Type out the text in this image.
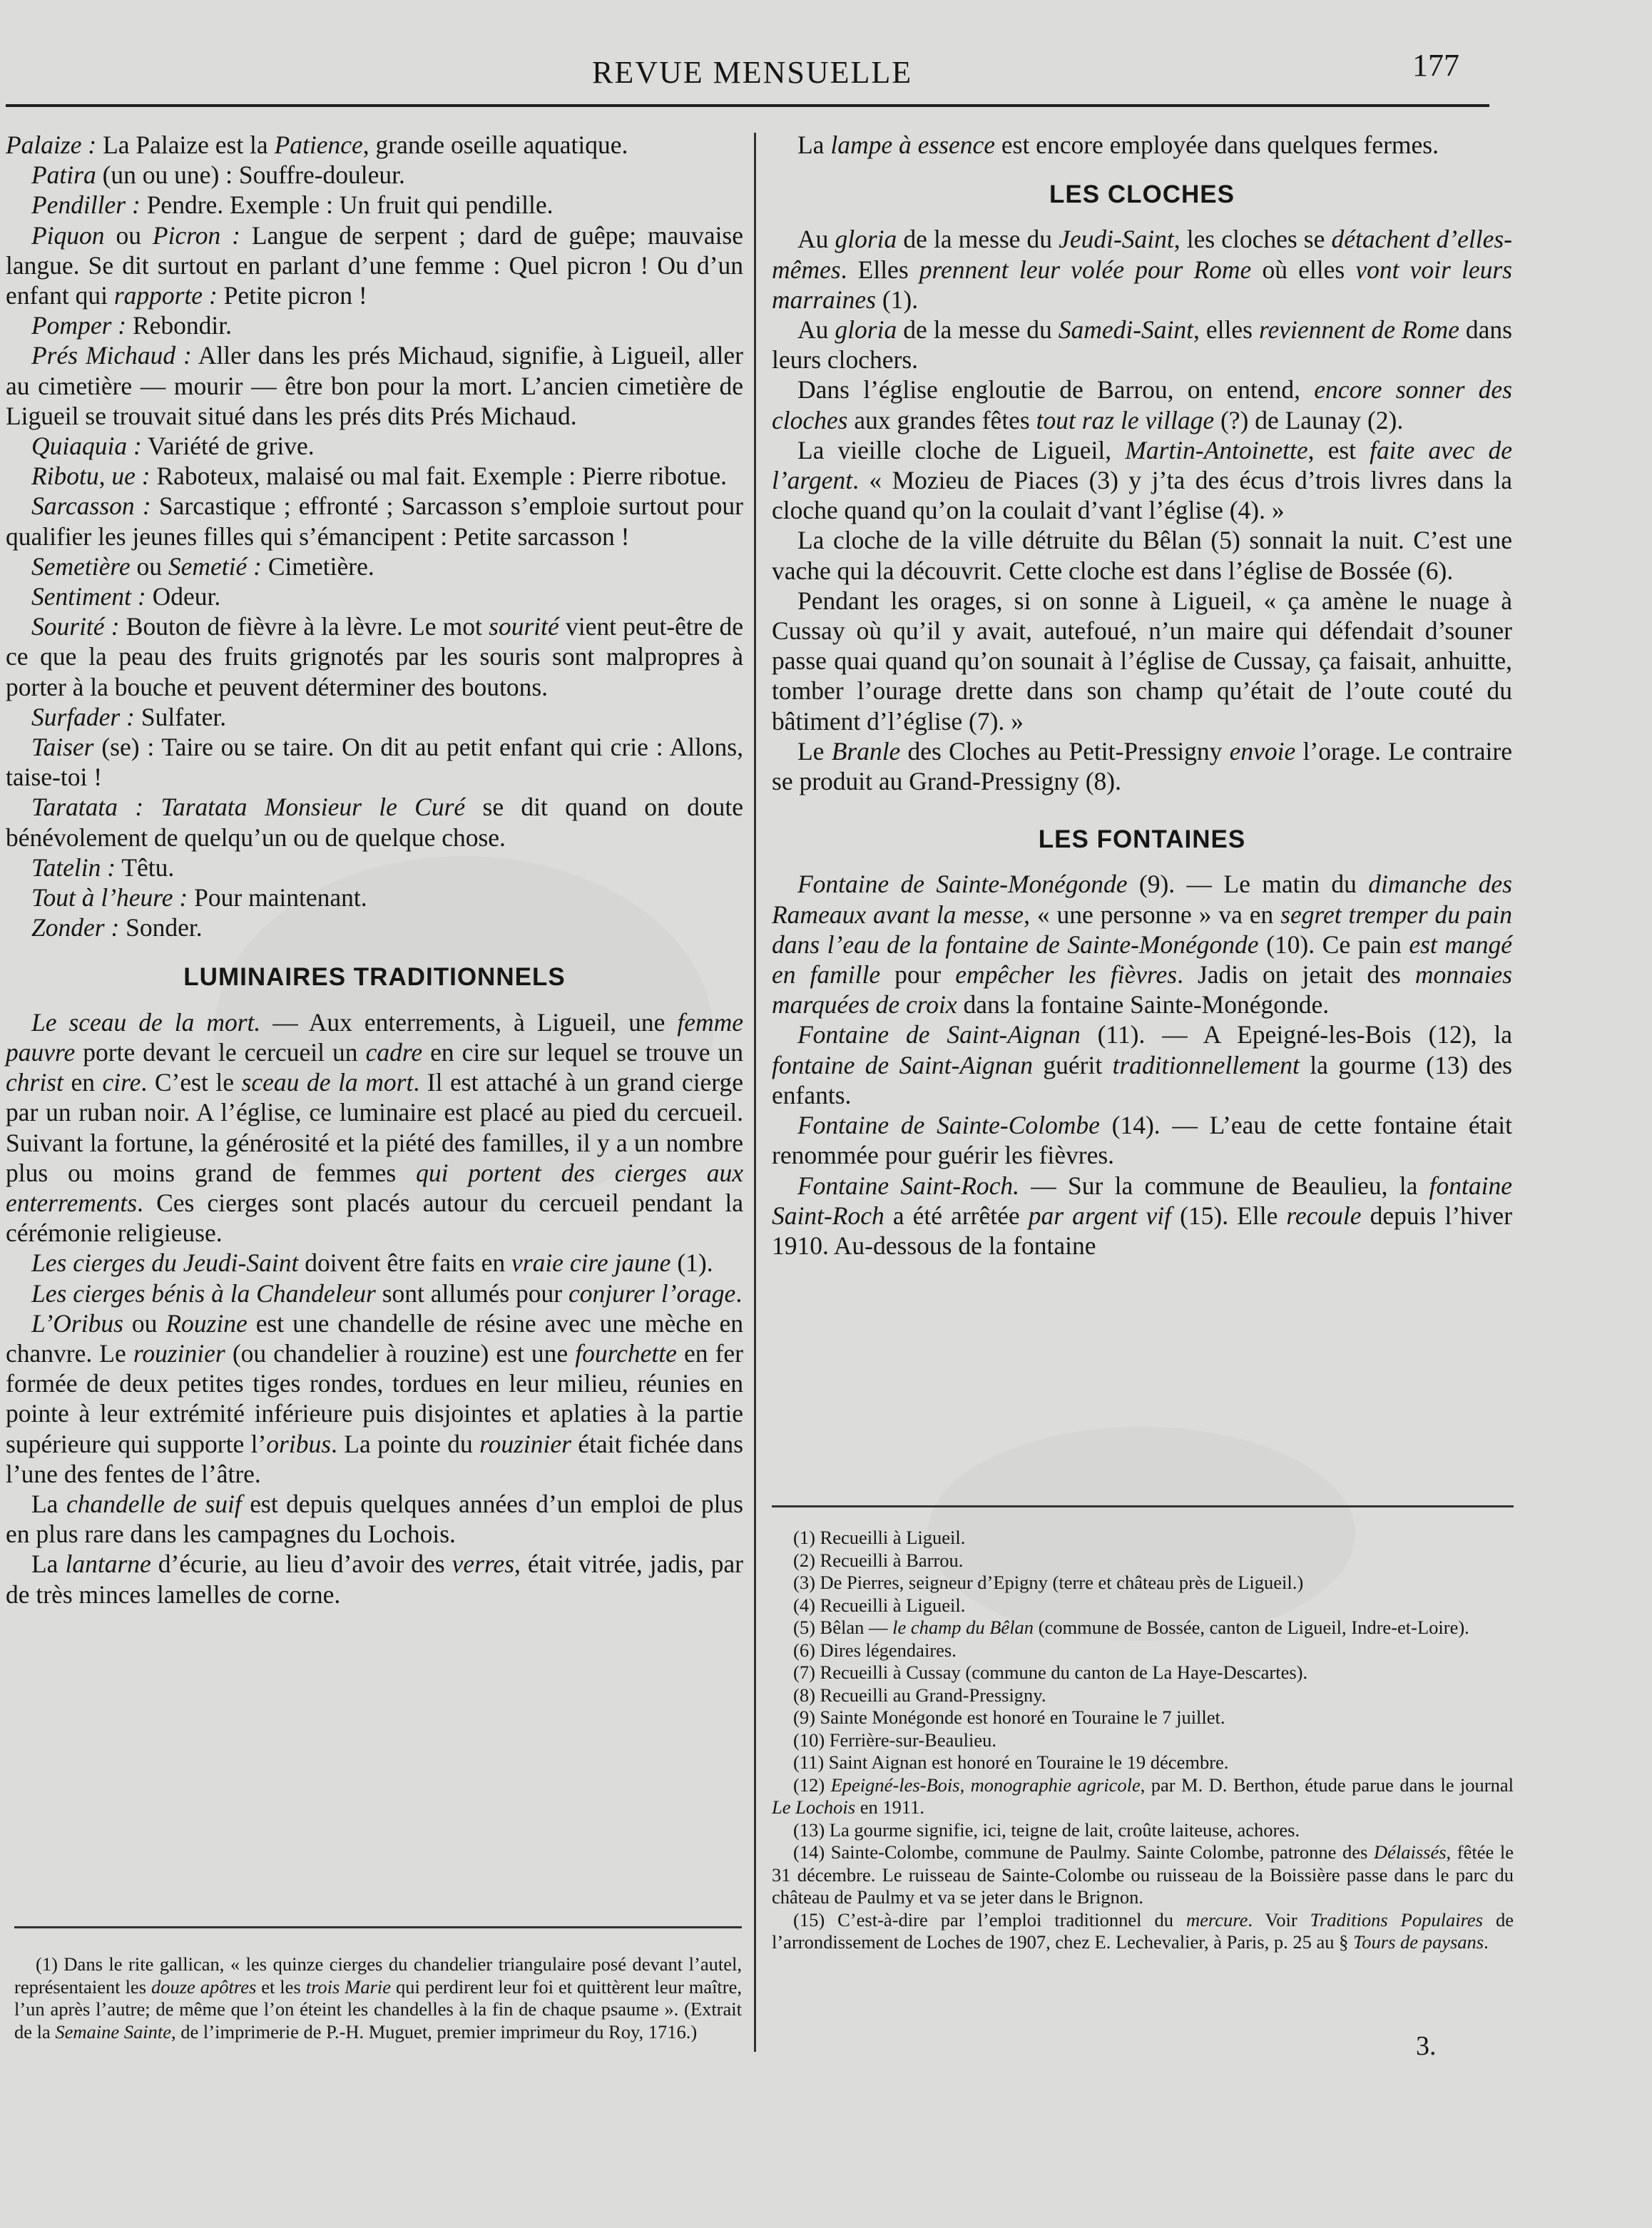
REVUE MENSUELLE	177

Palaize : La Palaize est la Patience, grande oseille aquatique.

Patira (un ou une) : Souffre-douleur.

Pendiller : Pendre. Exemple : Un fruit qui pendille.

Piquon ou Picron : Langue de serpent ; dard de guêpe; mauvaise langue. Se dit surtout en parlant d’une femme : Quel picron ! Ou d’un enfant qui rapporte : Petite picron !

Pomper : Rebondir.

Prés Michaud : Aller dans les prés Michaud, signifie, à Ligueil, aller au cimetière — mourir — être bon pour la mort. L’ancien cimetière de Ligueil se trouvait situé dans les prés dits Prés Michaud.

Quiaquia : Variété de grive.

Ribotu, ue : Raboteux, malaisé ou mal fait. Exemple : Pierre ribotue.

Sarcasson : Sarcastique ; effronté ; Sarcasson s’emploie surtout pour qualifier les jeunes filles qui s’émancipent : Petite sarcasson !

Semetière ou Semetié : Cimetière.

Sentiment : Odeur.

Sourité : Bouton de fièvre à la lèvre. Le mot sourité vient peut-être de ce que la peau des fruits grignotés par les souris sont malpropres à porter à la bouche et peuvent déterminer des boutons.

Surfader : Sulfater.

Taiser (se) : Taire ou se taire. On dit au petit enfant qui crie : Allons, taise-toi !

Taratata : Taratata Monsieur le Curé se dit quand on doute bénévolement de quelqu’un ou de quelque chose.

Tatelin : Têtu.

Tout à l’heure : Pour maintenant.

Zonder : Sonder.

LUMINAIRES TRADITIONNELS

Le sceau de la mort. — Aux enterrements, à Ligueil, une femme pauvre porte devant le cercueil un cadre en cire sur lequel se trouve un christ en cire. C’est le sceau de la mort. Il est attaché à un grand cierge par un ruban noir. A l’église, ce luminaire est placé au pied du cercueil. Suivant la fortune, la générosité et la piété des familles, il y a un nombre plus ou moins grand de femmes qui portent des cierges aux enterrements. Ces cierges sont placés autour du cercueil pendant la cérémonie religieuse.

Les cierges du Jeudi-Saint doivent être faits en vraie cire jaune (1).

Les cierges bénis à la Chandeleur sont allumés pour conjurer l’orage.

L’Oribus ou Rouzine est une chandelle de résine avec une mèche en chanvre. Le rouzinier (ou chandelier à rouzine) est une fourchette en fer formée de deux petites tiges rondes, tordues en leur milieu, réunies en pointe à leur extrémité inférieure puis disjointes et aplaties à la partie supérieure qui supporte l’oribus. La pointe du rouzinier était fichée dans l’une des fentes de l’âtre.

La chandelle de suif est depuis quelques années d’un emploi de plus en plus rare dans les campagnes du Lochois.

La lantarne d’écurie, au lieu d’avoir des verres, était vitrée, jadis, par de très minces lamelles de corne.

(1) Dans le rite gallican, « les quinze cierges du chandelier triangulaire posé devant l’autel, représentaient les douze apôtres et les trois Marie qui perdirent leur foi et quittèrent leur maître, l’un après l’autre; de même que l’on éteint les chandelles à la fin de chaque psaume ». (Extrait de la Semaine Sainte, de l’imprimerie de P.-H. Muguet, premier imprimeur du Roy, 1716.)

La lampe à essence est encore employée dans quelques fermes.

LES CLOCHES

Au gloria de la messe du Jeudi-Saint, les cloches se détachent d’elles-mêmes. Elles prennent leur volée pour Rome où elles vont voir leurs marraines (1).

Au gloria de la messe du Samedi-Saint, elles reviennent de Rome dans leurs clochers.

Dans l’église engloutie de Barrou, on entend, encore sonner des cloches aux grandes fêtes tout raz le village (?) de Launay (2).

La vieille cloche de Ligueil, Martin-Antoinette, est faite avec de l’argent. « Mozieu de Piaces (3) y j’ta des écus d’trois livres dans la cloche quand qu’on la coulait d’vant l’église (4). »

La cloche de la ville détruite du Bêlan (5) sonnait la nuit. C’est une vache qui la découvrit. Cette cloche est dans l’église de Bossée (6).

Pendant les orages, si on sonne à Ligueil, « ça amène le nuage à Cussay où qu’il y avait, autefoué, n’un maire qui défendait d’souner passe quai quand qu’on sounait à l’église de Cussay, ça faisait, anhuitte, tomber l’ourage drette dans son champ qu’était de l’oute couté du bâtiment d’l’église (7). »

Le Branle des Cloches au Petit-Pressigny envoie l’orage. Le contraire se produit au Grand-Pressigny (8).

LES FONTAINES

Fontaine de Sainte-Monégonde (9). — Le matin du dimanche des Rameaux avant la messe, « une personne » va en segret tremper du pain dans l’eau de la fontaine de Sainte-Monégonde (10). Ce pain est mangé en famille pour empêcher les fièvres. Jadis on jetait des monnaies marquées de croix dans la fontaine Sainte-Monégonde.

Fontaine de Saint-Aignan (11). — A Epeigné-les-Bois (12), la fontaine de Saint-Aignan guérit traditionnellement la gourme (13) des enfants.

Fontaine de Sainte-Colombe (14). — L’eau de cette fontaine était renommée pour guérir les fièvres.

Fontaine Saint-Roch. — Sur la commune de Beaulieu, la fontaine Saint-Roch a été arrêtée par argent vif (15). Elle recoule depuis l’hiver 1910. Au-dessous de la fontaine

(1) Recueilli à Ligueil.

(2) Recueilli à Barrou.

(3) De Pierres, seigneur d’Epigny (terre et château près de Ligueil.)

(4) Recueilli à Ligueil.

(5) Bêlan — le champ du Bêlan (commune de Bossée, canton de Ligueil, Indre-et-Loire).

(6) Dires légendaires.

(7) Recueilli à Cussay (commune du canton de La Haye-Descartes).

(8) Recueilli au Grand-Pressigny.

(9) Sainte Monégonde est honoré en Touraine le 7 juillet.

(10) Ferrière-sur-Beaulieu.

(11) Saint Aignan est honoré en Touraine le 19 décembre.

(12) Epeigné-les-Bois, monographie agricole, par M. D. Berthon, étude parue dans le journal Le Lochois en 1911.

(13) La gourme signifie, ici, teigne de lait, croûte laiteuse, achores.

(14) Sainte-Colombe, commune de Paulmy. Sainte Colombe, patronne des Délaissés, fêtée le 31 décembre. Le ruisseau de Sainte-Colombe ou ruisseau de la Boissière passe dans le parc du château de Paulmy et va se jeter dans le Brignon.

(15) C’est-à-dire par l’emploi traditionnel du mercure. Voir Traditions Populaires de l’arrondissement de Loches de 1907, chez E. Lechevalier, à Paris, p. 25 au § Tours de paysans.

3.
